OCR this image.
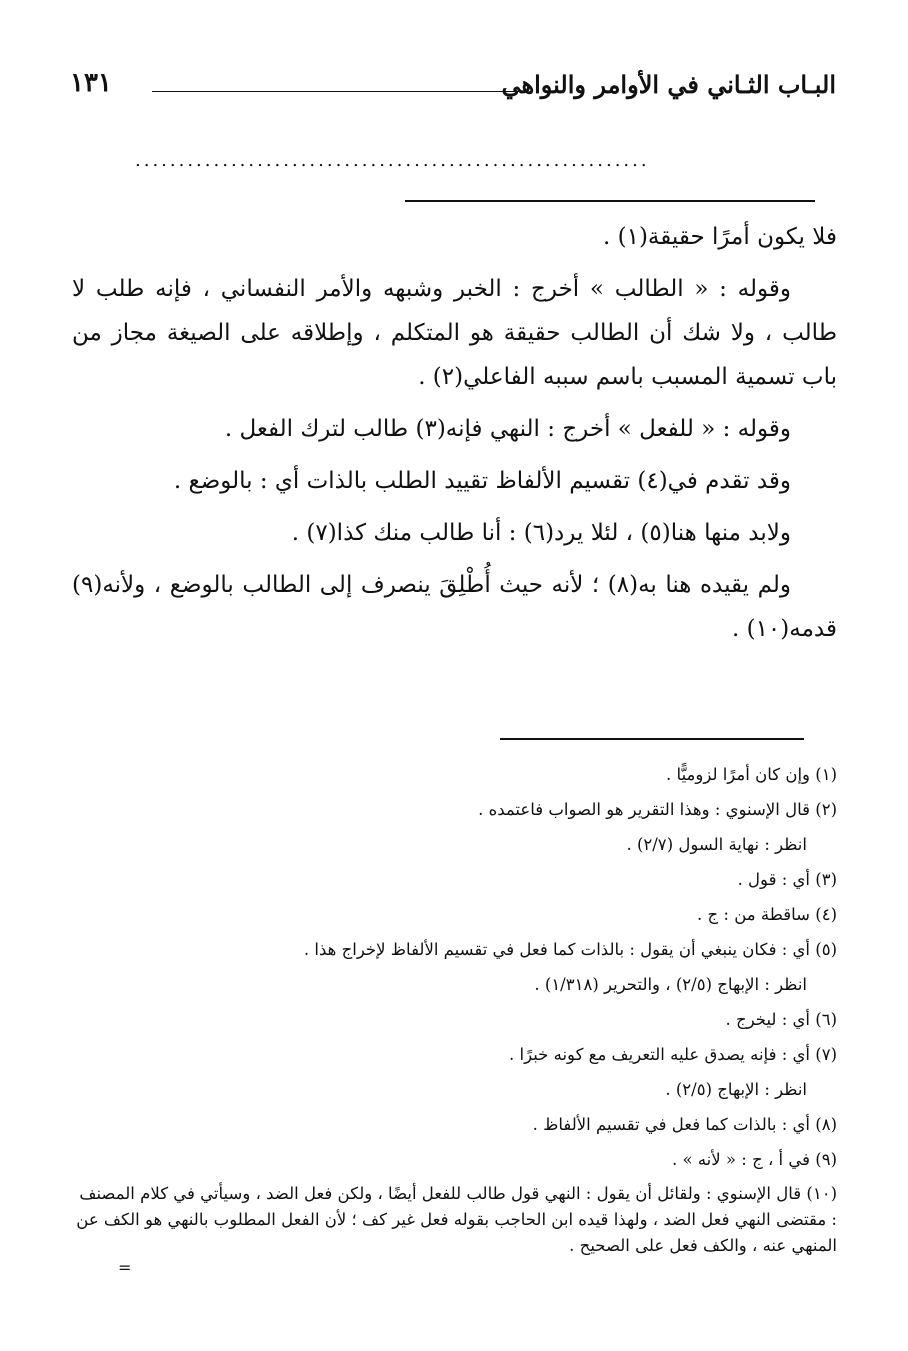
البـاب الثـاني في الأوامر والنواهي
١٣١
...........................................................

فلا يكون أمرًا حقيقة(١) .

وقوله : « الطالب » أخرج : الخبر وشبهه والأمر النفساني ، فإنه طلب لا طالب ، ولا شك أن الطالب حقيقة هو المتكلم ، وإطلاقه على الصيغة مجاز من باب تسمية المسبب باسم سببه الفاعلي(٢) .

وقوله : « للفعل » أخرج : النهي فإنه(٣) طالب لترك الفعل .

وقد تقدم في(٤) تقسيم الألفاظ تقييد الطلب بالذات أي : بالوضع .

ولابد منها هنا(٥) ، لئلا يرد(٦) : أنا طالب منك كذا(٧) .

ولم يقيده هنا به(٨) ؛ لأنه حيث أُطْلِقَ ينصرف إلى الطالب بالوضع ، ولأنه(٩) قدمه(١٠) .

(١) وإن كان أمرًا لزوميًّا .

(٢) قال الإسنوي : وهذا التقرير هو الصواب فاعتمده .

انظر : نهاية السول (٢/٧) .

(٣) أي : قول .

(٤) ساقطة من : ج .

(٥) أي : فكان ينبغي أن يقول : بالذات كما فعل في تقسيم الألفاظ لإخراج هذا .

انظر : الإبهاج (٢/٥) ، والتحرير (١/٣١٨) .

(٦) أي : ليخرج .

(٧) أي : فإنه يصدق عليه التعريف مع كونه خبرًا .

انظر : الإبهاج (٢/٥) .

(٨) أي : بالذات كما فعل في تقسيم الألفاظ .

(٩) في أ ، ج : « لأنه » .

(١٠) قال الإسنوي : ولقائل أن يقول : النهي قول طالب للفعل أيضًا ، ولكن فعل الضد ، وسيأتي في كلام المصنف : مقتضى النهي فعل الضد ، ولهذا قيده ابن الحاجب بقوله فعل غير كف ؛ لأن الفعل المطلوب بالنهي هو الكف عن المنهي عنه ، والكف فعل على الصحيح .

=
